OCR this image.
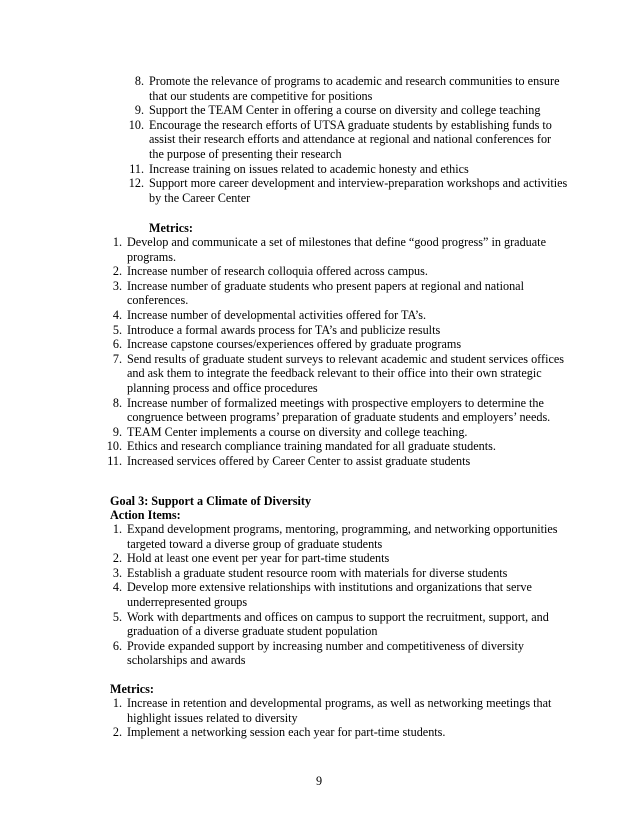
8. Promote the relevance of programs to academic and research communities to ensure that our students are competitive for positions
9. Support the TEAM Center in offering a course on diversity and college teaching
10. Encourage the research efforts of UTSA graduate students by establishing funds to assist their research efforts and attendance at regional and national conferences for the purpose of presenting their research
11. Increase training on issues related to academic honesty and ethics
12. Support more career development and interview-preparation workshops and activities by the Career Center
Metrics:
1. Develop and communicate a set of milestones that define “good progress” in graduate programs.
2. Increase number of research colloquia offered across campus.
3. Increase number of graduate students who present papers at regional and national conferences.
4. Increase number of developmental activities offered for TA’s.
5. Introduce a formal awards process for TA’s and publicize results
6. Increase capstone courses/experiences offered by graduate programs
7. Send results of graduate student surveys to relevant academic and student services offices and ask them to integrate the feedback relevant to their office into their own strategic planning process and office procedures
8. Increase number of formalized meetings with prospective employers to determine the congruence between programs’ preparation of graduate students and employers’ needs.
9. TEAM Center implements a course on diversity and college teaching.
10. Ethics and research compliance training mandated for all graduate students.
11. Increased services offered by Career Center to assist graduate students
Goal 3: Support a Climate of Diversity
Action Items:
1. Expand development programs, mentoring, programming, and networking opportunities targeted toward a diverse group of graduate students
2. Hold at least one event per year for part-time students
3. Establish a graduate student resource room with materials for diverse students
4. Develop more extensive relationships with institutions and organizations that serve underrepresented groups
5. Work with departments and offices on campus to support the recruitment, support, and graduation of a diverse graduate student population
6. Provide expanded support by increasing number and competitiveness of diversity scholarships and awards
Metrics:
1. Increase in retention and developmental programs, as well as networking meetings that highlight issues related to diversity
2. Implement a networking session each year for part-time students.
9
